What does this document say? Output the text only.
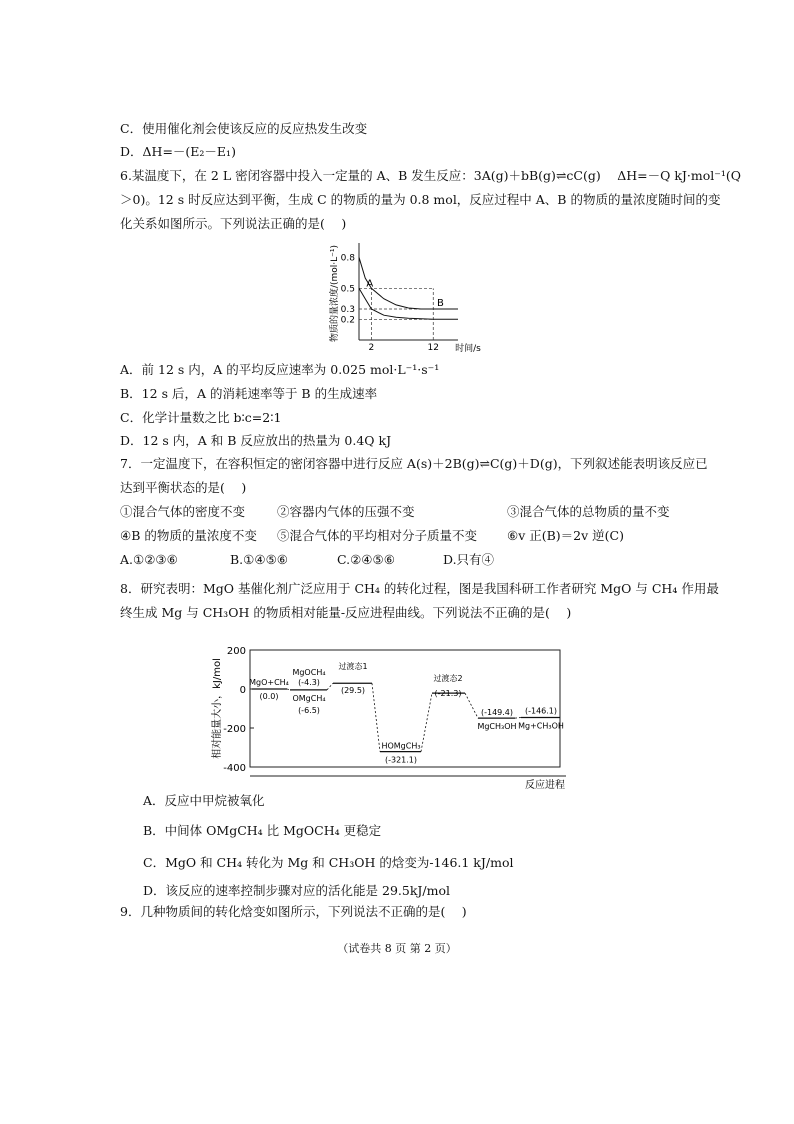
C．使用催化剂会使该反应的反应热发生改变
D．ΔH=－(E₂－E₁)
6.某温度下，在 2 L 密闭容器中投入一定量的 A、B 发生反应：3A(g)＋bB(g)⇌cC(g)　 ΔH=－Q kJ·mol⁻¹(Q
＞0)。12 s 时反应达到平衡，生成 C 的物质的量为 0.8 mol，反应过程中 A、B 的物质的量浓度随时间的变
化关系如图所示。下列说法正确的是(　 )
A
B
0.8
0.5
0.3
0.2
2	12 时间/s
物质的量浓度/(mol·L⁻¹)
A．前 12 s 内，A 的平均反应速率为 0.025 mol·L⁻¹·s⁻¹
B．12 s 后，A 的消耗速率等于 B 的生成速率
C．化学计量数之比 b∶c=2∶1
D．12 s 内，A 和 B 反应放出的热量为 0.4Q kJ
7．一定温度下，在容积恒定的密闭容器中进行反应 A(s)＋2B(g)⇌C(g)＋D(g)，下列叙述能表明该反应已
达到平衡状态的是(　 )
①混合气体的密度不变	②容器内气体的压强不变	③混合气体的总物质的量不变
④B 的物质的量浓度不变 ⑤混合气体的平均相对分子质量不变 ⑥v 正(B)＝2v 逆(C)
A.①②③⑥	B.①④⑤⑥	C.②④⑤⑥	D.只有④
8．研究表明：MgO 基催化剂广泛应用于 CH₄ 的转化过程，图是我国科研工作者研究 MgO 与 CH₄ 作用最
终生成 Mg 与 CH₃OH 的物质相对能量-反应进程曲线。下列说法不正确的是(　 )
200
0
-200
-400
相对能量大小，kJ/mol
反应进程
MgO+CH₄
(0.0)
MgOCH₄
(-4.3)
OMgCH₄
(-6.5)
过渡态1
(29.5)
HOMgCH₃
(-321.1)
过渡态2
(-21.3)
(-149.4)
MgCH₃OH
(-146.1)
Mg+CH₃OH
A．反应中甲烷被氧化
B．中间体 OMgCH₄ 比 MgOCH₄ 更稳定
C．MgO 和 CH₄ 转化为 Mg 和 CH₃OH 的焓变为-146.1 kJ/mol
D．该反应的速率控制步骤对应的活化能是 29.5kJ/mol
9．几种物质间的转化焓变如图所示，下列说法不正确的是(　 )
（试卷共 8 页 第 2 页）
